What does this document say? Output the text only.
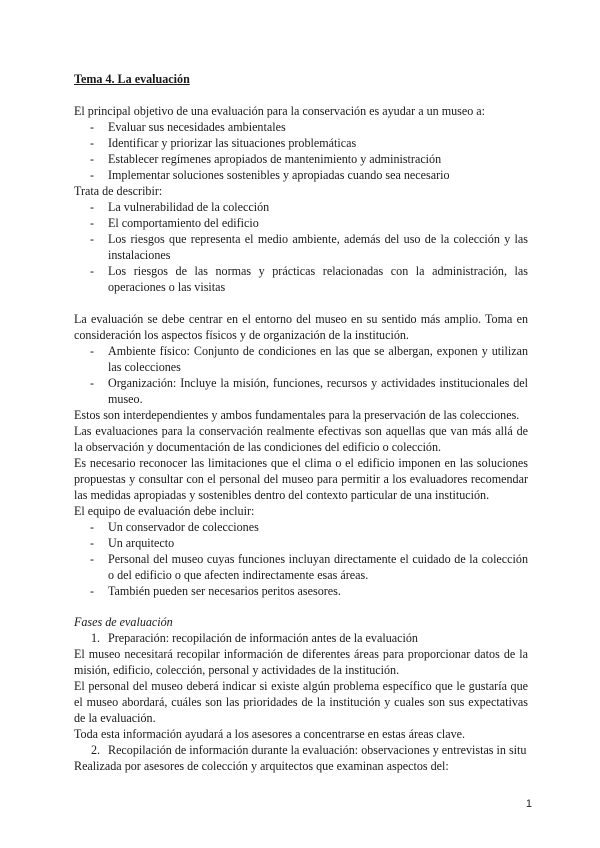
Tema 4. La evaluación

El principal objetivo de una evaluación para la conservación es ayudar a un museo a:

- Evaluar sus necesidades ambientales
- Identificar y priorizar las situaciones problemáticas
- Establecer regímenes apropiados de mantenimiento y administración
- Implementar soluciones sostenibles y apropiadas cuando sea necesario

Trata de describir:

- La vulnerabilidad de la colección
- El comportamiento del edificio
- Los riesgos que representa el medio ambiente, además del uso de la colección y las instalaciones
- Los riesgos de las normas y prácticas relacionadas con la administración, las operaciones o las visitas

La evaluación se debe centrar en el entorno del museo en su sentido más amplio. Toma en consideración los aspectos físicos y de organización de la institución.

- Ambiente físico: Conjunto de condiciones en las que se albergan, exponen y utilizan las colecciones
- Organización: Incluye la misión, funciones, recursos y actividades institucionales del museo.

Estos son interdependientes y ambos fundamentales para la preservación de las colecciones.

Las evaluaciones para la conservación realmente efectivas son aquellas que van más allá de la observación y documentación de las condiciones del edificio o colección.

Es necesario reconocer las limitaciones que el clima o el edificio imponen en las soluciones propuestas y consultar con el personal del museo para permitir a los evaluadores recomendar las medidas apropiadas y sostenibles dentro del contexto particular de una institución.

El equipo de evaluación debe incluir:

- Un conservador de colecciones
- Un arquitecto
- Personal del museo cuyas funciones incluyan directamente el cuidado de la colección o del edificio o que afecten indirectamente esas áreas.
- También pueden ser necesarios peritos asesores.

Fases de evaluación

1. Preparación: recopilación de información antes de la evaluación

El museo necesitará recopilar información de diferentes áreas para proporcionar datos de la misión, edificio, colección, personal y actividades de la institución.

El personal del museo deberá indicar si existe algún problema específico que le gustaría que el museo abordará, cuáles son las prioridades de la institución y cuales son sus expectativas de la evaluación.

Toda esta información ayudará a los asesores a concentrarse en estas áreas clave.

2. Recopilación de información durante la evaluación: observaciones y entrevistas in situ

Realizada por asesores de colección y arquitectos que examinan aspectos del:

1
